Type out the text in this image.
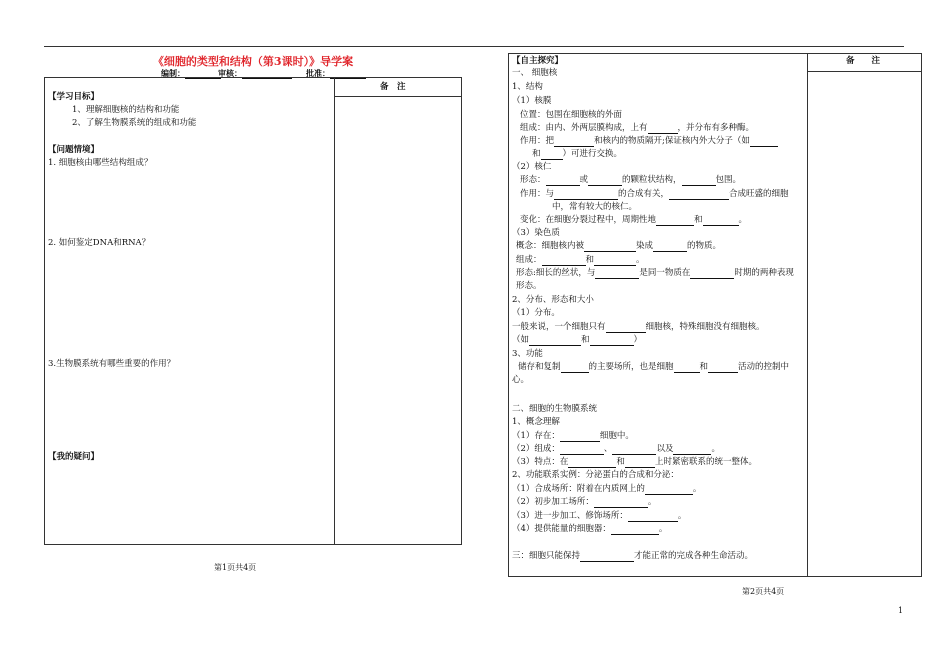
《细胞的类型和结构（第3课时）》导学案
编制：	审核：	批准：
备　注
【学习目标】
1、理解细胞核的结构和功能
2、了解生物膜系统的组成和功能
【问题情境】
1. 细胞核由哪些结构组成？
2. 如何鉴定DNA和RNA？
3.生物膜系统有哪些重要的作用？
【我的疑问】
第1页共4页
备　　注
【自主探究】
一、 细胞核
1、结构
（1）核膜
位置：包围在细胞核的外面
组成：由内、外两层膜构成，上有	，并分布有多种酶。
作用：把	和核内的物质隔开;保证核内外大分子（如
和	）可进行交换。
（2）核仁
形态：	或	的颗粒状结构，	包围。
作用：与	的合成有关，	合成旺盛的细胞
中，常有较大的核仁。
变化：在细胞分裂过程中，周期性地	和	。
（3）染色质
概念：细胞核内被	染成	的物质。
组成：	和	。
形态:细长的丝状，与	是同一物质在	时期的两种表现
形态。
2、分布、形态和大小
（1）分布。
一般来说，一个细胞只有	细胞核，特殊细胞没有细胞核。
（如	和	）
3、功能
储存和复制	的主要场所，也是细胞	和	活动的控制中
心。
二、细胞的生物膜系统
1、概念理解
（1）存在：	细胞中。
（2）组成：	、	以及	。
（3）特点：在	和	上时紧密联系的统一整体。
2、功能联系实例：分泌蛋白的合成和分泌：
（1）合成场所：附着在内质网上的	。
（2）初步加工场所：	。
（3）进一步加工、修饰场所：	。
（4）提供能量的细胞器：	。
三：细胞只能保持	才能正常的完成各种生命活动。
第2页共4页
1
